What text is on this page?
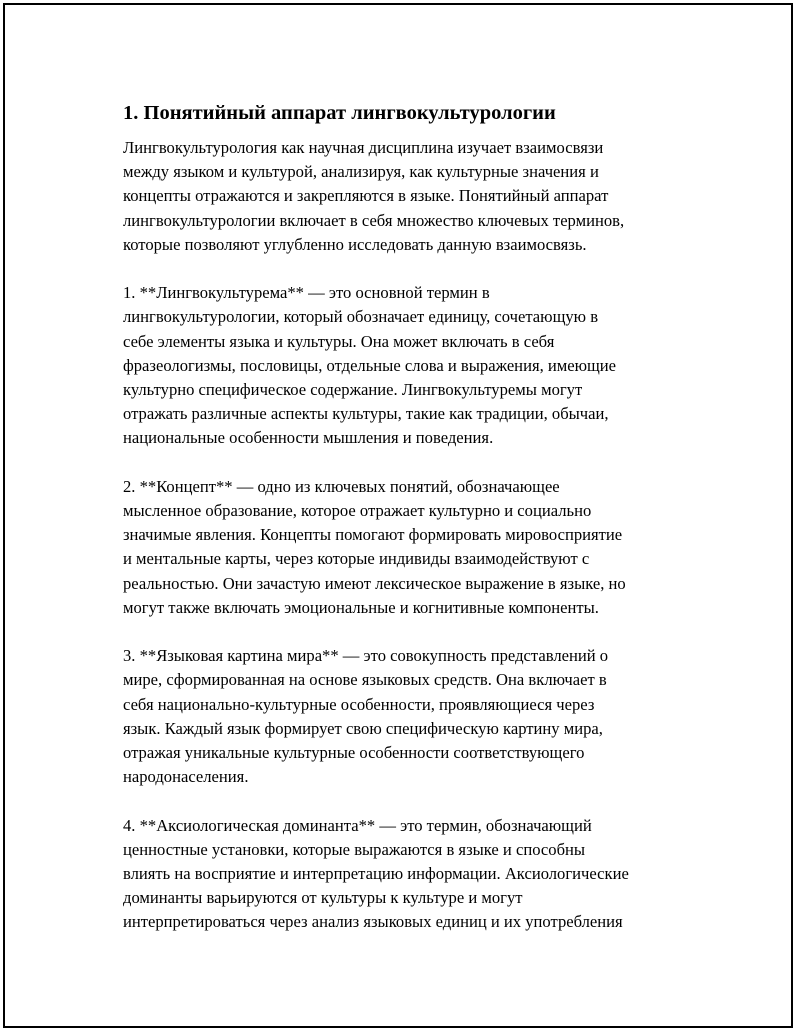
1. Понятийный аппарат лингвокультурологии

Лингвокультурология как научная дисциплина изучает взаимосвязи
между языком и культурой, анализируя, как культурные значения и
концепты отражаются и закрепляются в языке. Понятийный аппарат
лингвокультурологии включает в себя множество ключевых терминов,
которые позволяют углубленно исследовать данную взаимосвязь.

1. **Лингвокультурема** — это основной термин в
лингвокультурологии, который обозначает единицу, сочетающую в
себе элементы языка и культуры. Она может включать в себя
фразеологизмы, пословицы, отдельные слова и выражения, имеющие
культурно специфическое содержание. Лингвокультуремы могут
отражать различные аспекты культуры, такие как традиции, обычаи,
национальные особенности мышления и поведения.

2. **Концепт** — одно из ключевых понятий, обозначающее
мысленное образование, которое отражает культурно и социально
значимые явления. Концепты помогают формировать мировосприятие
и ментальные карты, через которые индивиды взаимодействуют с
реальностью. Они зачастую имеют лексическое выражение в языке, но
могут также включать эмоциональные и когнитивные компоненты.

3. **Языковая картина мира** — это совокупность представлений о
мире, сформированная на основе языковых средств. Она включает в
себя национально-культурные особенности, проявляющиеся через
язык. Каждый язык формирует свою специфическую картину мира,
отражая уникальные культурные особенности соответствующего
народонаселения.

4. **Аксиологическая доминанта** — это термин, обозначающий
ценностные установки, которые выражаются в языке и способны
влиять на восприятие и интерпретацию информации. Аксиологические
доминанты варьируются от культуры к культуре и могут
интерпретироваться через анализ языковых единиц и их употребления
